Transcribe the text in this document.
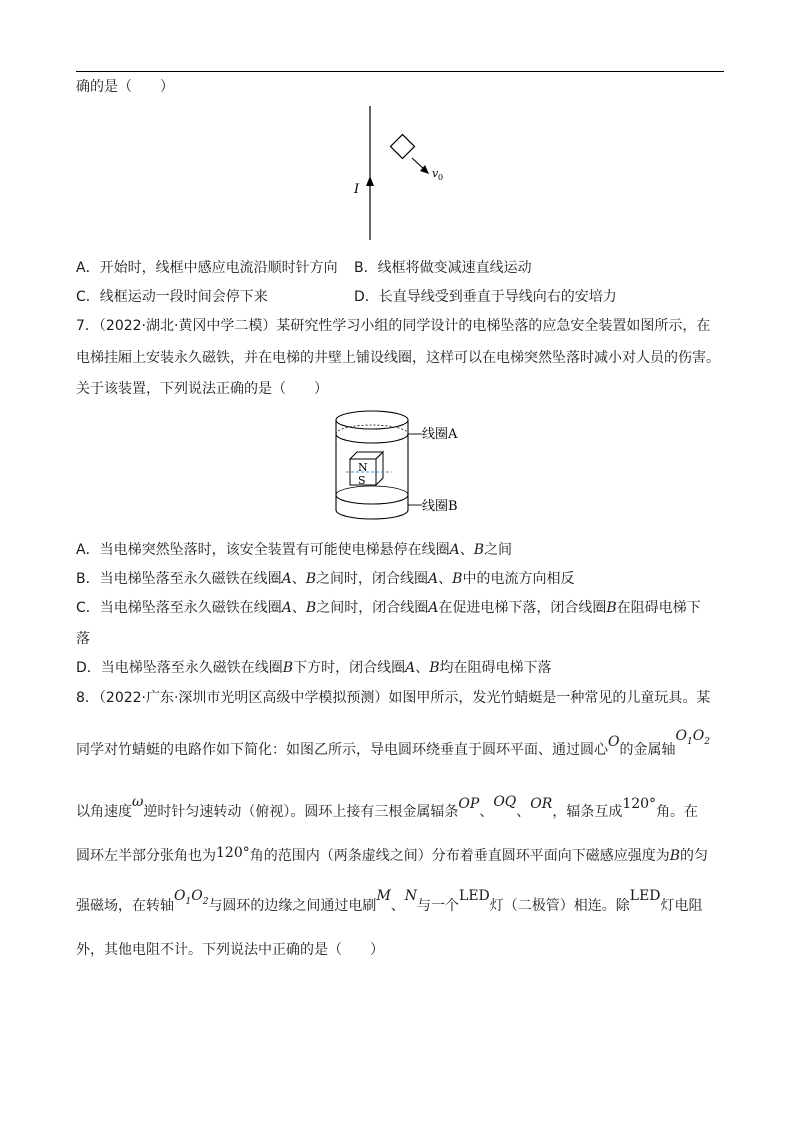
确的是（　　）
I
v 0
A．开始时，线框中感应电流沿顺时针方向 B．线框将做变减速直线运动
C．线框运动一段时间会停下来	D．长直导线受到垂直于导线向右的安培力
7．（2022·湖北·黄冈中学二模）某研究性学习小组的同学设计的电梯坠落的应急安全装置如图所示，在
电梯挂厢上安装永久磁铁，并在电梯的井壁上铺设线圈，这样可以在电梯突然坠落时减小对人员的伤害。
关于该装置，下列说法正确的是（　　）
线圈A
线圈B
N
S
A．当电梯突然坠落时，该安全装置有可能使电梯悬停在线圈A、B之间
B．当电梯坠落至永久磁铁在线圈A、B之间时，闭合线圈A、B中的电流方向相反
C．当电梯坠落至永久磁铁在线圈A、B之间时，闭合线圈A在促进电梯下落，闭合线圈B在阻碍电梯下
落
D．当电梯坠落至永久磁铁在线圈B下方时，闭合线圈A、B均在阻碍电梯下落
8．（2022·广东·深圳市光明区高级中学模拟预测）如图甲所示，发光竹蜻蜓是一种常见的儿童玩具。某
同学对竹蜻蜓的电路作如下简化：如图乙所示，导电圆环绕垂直于圆环平面、通过圆心O的金属轴$O_1O_2$
以角速度ω逆时针匀速转动（俯视）。圆环上接有三根金属辐条OP、OQ、OR，辐条互成120°角。在
圆环左半部分张角也为120°角的范围内（两条虚线之间）分布着垂直圆环平面向下磁感应强度为B的匀
强磁场，在转轴$O_1O_2$与圆环的边缘之间通过电刷M、N与一个LED灯（二极管）相连。除LED灯电阻
外，其他电阻不计。下列说法中正确的是（　　）
